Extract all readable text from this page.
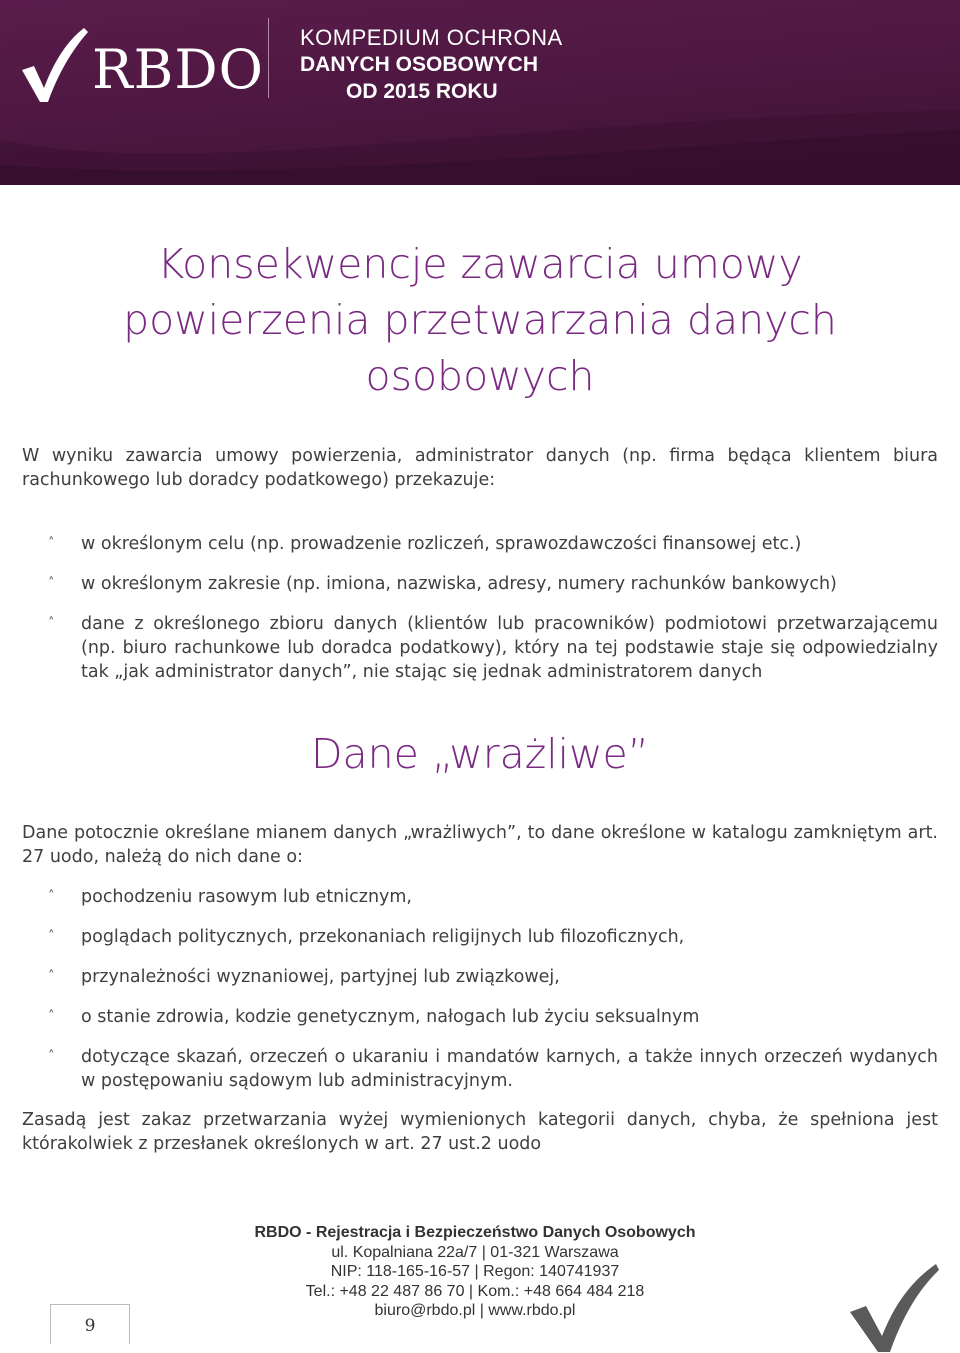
RBDO
KOMPEDIUM OCHRONA
DANYCH OSOBOWYCH
OD 2015 ROKU
Konsekwencje zawarcia umowy
powierzenia przetwarzania danych
osobowych

W wyniku zawarcia umowy powierzenia, administrator danych (np. firma będąca klientem biura rachunkowego lub doradcy podatkowego) przekazuje:

˄ w określonym celu (np. prowadzenie rozliczeń, sprawozdawczości finansowej etc.)
˄ w określonym zakresie (np. imiona, nazwiska, adresy, numery rachunków bankowych)
˄ dane z określonego zbioru danych (klientów lub pracowników) podmiotowi przetwarzającemu (np. biuro rachunkowe lub doradca podatkowy), który na tej podstawie staje się odpowiedzialny tak „jak administrator danych”, nie stając się jednak administratorem danych
Dane „wrażliwe”

Dane potocznie określane mianem danych „wrażliwych”, to dane określone w katalogu zamkniętym art. 27 uodo, należą do nich dane o:

˄ pochodzeniu rasowym lub etnicznym,
˄ poglądach politycznych, przekonaniach religijnych lub filozoficznych,
˄ przynależności wyznaniowej, partyjnej lub związkowej,
˄ o stanie zdrowia, kodzie genetycznym, nałogach lub życiu seksualnym
˄ dotyczące skazań, orzeczeń o ukaraniu i mandatów karnych, a także innych orzeczeń wydanych w postępowaniu sądowym lub administracyjnym.

Zasadą jest zakaz przetwarzania wyżej wymienionych kategorii danych, chyba, że spełniona jest którakolwiek z przesłanek określonych w art. 27 ust.2 uodo

9
RBDO - Rejestracja i Bezpieczeństwo Danych Osobowych
ul. Kopalniana 22a/7 | 01-321 Warszawa
NIP: 118-165-16-57 | Regon: 140741937
Tel.: +48 22 487 86 70 | Kom.: +48 664 484 218
biuro@rbdo.pl | www.rbdo.pl
